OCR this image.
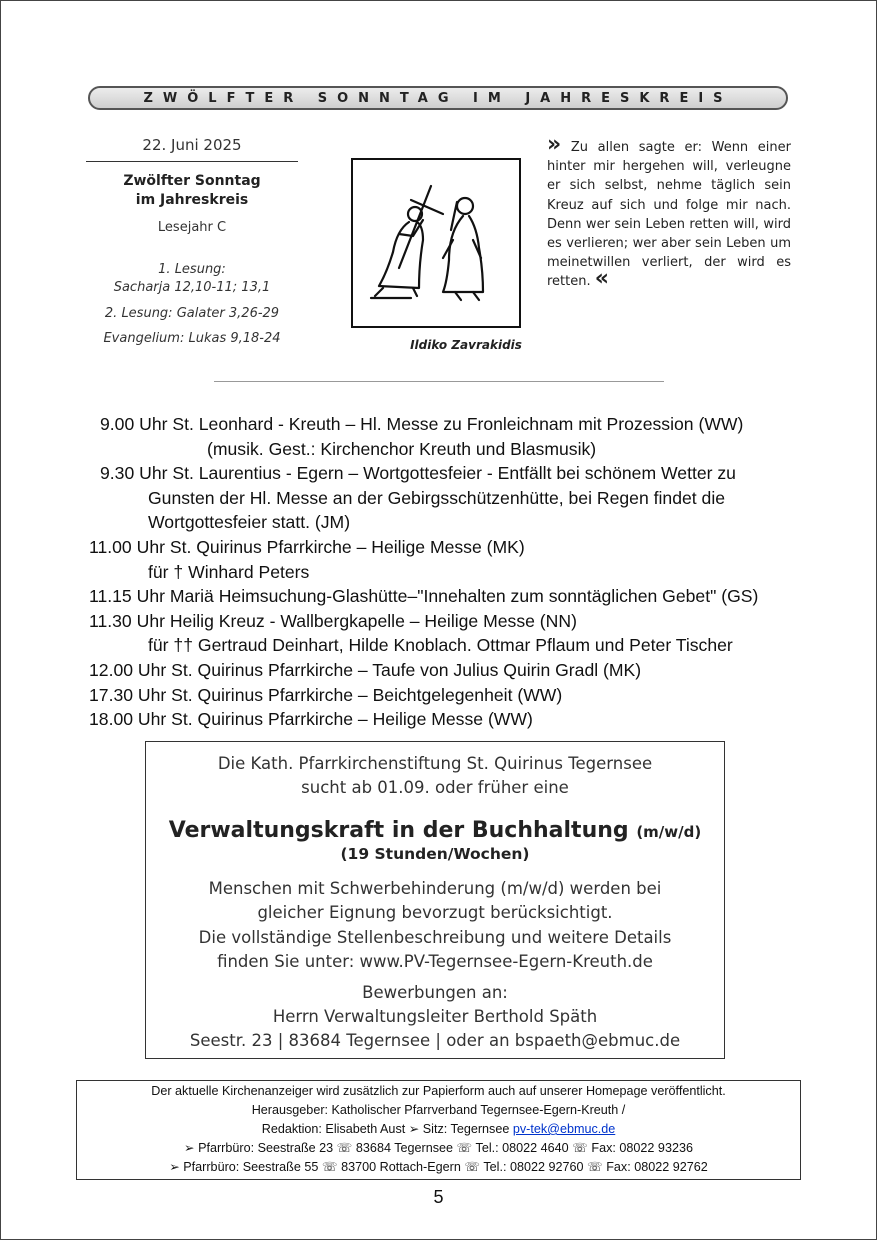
ZWÖLFTER SONNTAG IM JAHRESKREIS
22. Juni 2025
Zwölfter Sonntag
im Jahreskreis
Lesejahr C
1. Lesung:
Sacharja 12,10-11; 13,1
2. Lesung: Galater 3,26-29
Evangelium: Lukas 9,18-24	Ildiko Zavrakidis
» Zu allen sagte er: Wenn einer hinter mir hergehen will, verleugne er sich selbst, nehme täglich sein Kreuz auf sich und folge mir nach. Denn wer sein Leben retten will, wird es verlieren; wer aber sein Leben um meinetwillen verliert, der wird es retten. «
9.00 Uhr St. Leonhard - Kreuth – Hl. Messe zu Fronleichnam mit Prozession (WW)
(musik. Gest.: Kirchenchor Kreuth und Blasmusik)
9.30 Uhr St. Laurentius - Egern – Wortgottesfeier - Entfällt bei schönem Wetter zu
Gunsten der Hl. Messe an der Gebirgsschützenhütte, bei Regen findet die
Wortgottesfeier statt. (JM)
11.00 Uhr St. Quirinus Pfarrkirche – Heilige Messe (MK)
für † Winhard Peters
11.15 Uhr Mariä Heimsuchung-Glashütte–"Innehalten zum sonntäglichen Gebet" (GS)
11.30 Uhr Heilig Kreuz - Wallbergkapelle – Heilige Messe (NN)
für †† Gertraud Deinhart, Hilde Knoblach. Ottmar Pflaum und Peter Tischer
12.00 Uhr St. Quirinus Pfarrkirche – Taufe von Julius Quirin Gradl (MK)
17.30 Uhr St. Quirinus Pfarrkirche – Beichtgelegenheit (WW)
18.00 Uhr St. Quirinus Pfarrkirche – Heilige Messe (WW)
Die Kath. Pfarrkirchenstiftung St. Quirinus Tegernsee
sucht ab 01.09. oder früher eine
Verwaltungskraft in der Buchhaltung (m/w/d)
(19 Stunden/Wochen)
Menschen mit Schwerbehinderung (m/w/d) werden bei
gleicher Eignung bevorzugt berücksichtigt.
Die vollständige Stellenbeschreibung und weitere Details
finden Sie unter: www.PV-Tegernsee-Egern-Kreuth.de
Bewerbungen an:
Herrn Verwaltungsleiter Berthold Späth
Seestr. 23 | 83684 Tegernsee | oder an bspaeth@ebmuc.de
Der aktuelle Kirchenanzeiger wird zusätzlich zur Papierform auch auf unserer Homepage veröffentlicht.
Herausgeber: Katholischer Pfarrverband Tegernsee-Egern-Kreuth /
Redaktion: Elisabeth Aust ➢ Sitz: Tegernsee pv-tek@ebmuc.de
➢ Pfarrbüro: Seestraße 23 ☏ 83684 Tegernsee ☏ Tel.: 08022 4640 ☏ Fax: 08022 93236
➢ Pfarrbüro: Seestraße 55 ☏ 83700 Rottach-Egern ☏ Tel.: 08022 92760 ☏ Fax: 08022 92762
5
